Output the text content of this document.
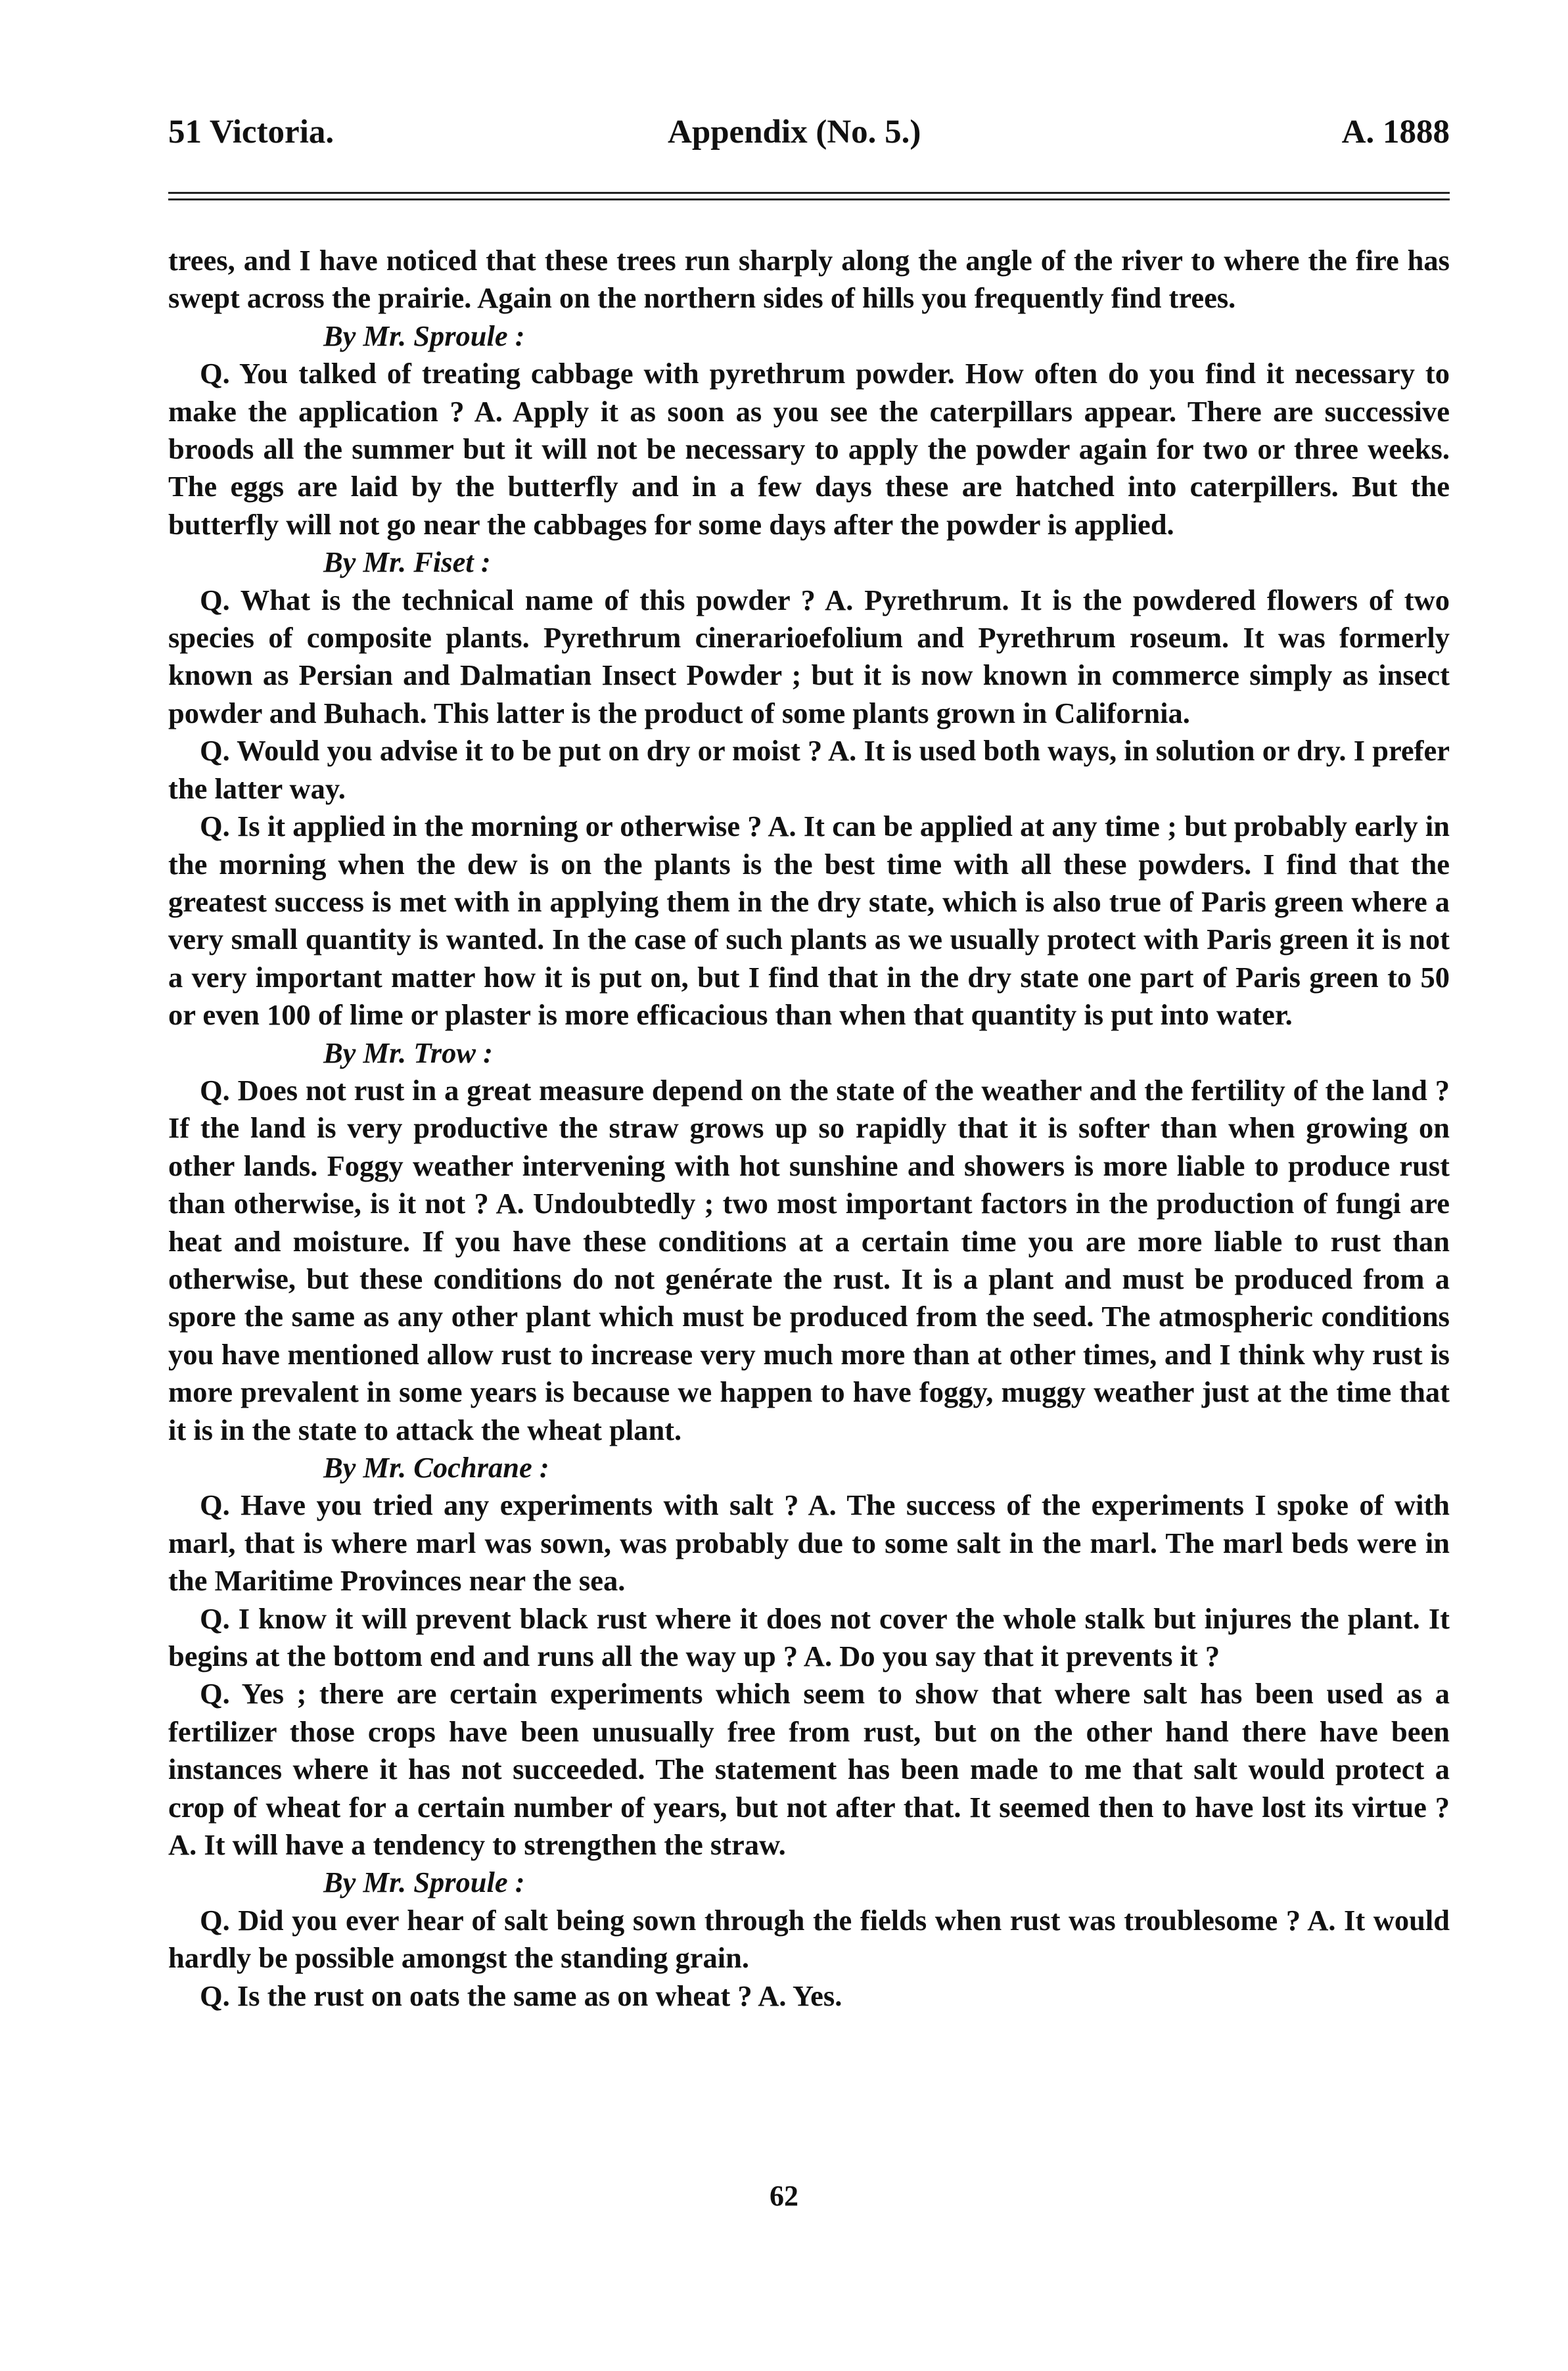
51 Victoria.	Appendix (No. 5.)	A. 1888

trees, and I have noticed that these trees run sharply along the angle of the river to where the fire has swept across the prairie. Again on the northern sides of hills you frequently find trees.

By Mr. Sproule :

Q. You talked of treating cabbage with pyrethrum powder. How often do you find it necessary to make the application ? A. Apply it as soon as you see the caterpillars appear. There are successive broods all the summer but it will not be necessary to apply the powder again for two or three weeks. The eggs are laid by the butterfly and in a few days these are hatched into caterpillers. But the butterfly will not go near the cabbages for some days after the powder is applied.

By Mr. Fiset :

Q. What is the technical name of this powder ? A. Pyrethrum. It is the powdered flowers of two species of composite plants. Pyrethrum cinerarioefolium and Pyrethrum roseum. It was formerly known as Persian and Dalmatian Insect Powder ; but it is now known in commerce simply as insect powder and Buhach. This latter is the product of some plants grown in California.

Q. Would you advise it to be put on dry or moist ? A. It is used both ways, in solution or dry. I prefer the latter way.

Q. Is it applied in the morning or otherwise ? A. It can be applied at any time ; but probably early in the morning when the dew is on the plants is the best time with all these powders. I find that the greatest success is met with in applying them in the dry state, which is also true of Paris green where a very small quantity is wanted. In the case of such plants as we usually protect with Paris green it is not a very important matter how it is put on, but I find that in the dry state one part of Paris green to 50 or even 100 of lime or plaster is more efficacious than when that quantity is put into water.

By Mr. Trow :

Q. Does not rust in a great measure depend on the state of the weather and the fertility of the land ? If the land is very productive the straw grows up so rapidly that it is softer than when growing on other lands. Foggy weather intervening with hot sunshine and showers is more liable to produce rust than otherwise, is it not ? A. Undoubtedly ; two most important factors in the production of fungi are heat and moisture. If you have these conditions at a certain time you are more liable to rust than otherwise, but these conditions do not genérate the rust. It is a plant and must be produced from a spore the same as any other plant which must be produced from the seed. The atmospheric conditions you have mentioned allow rust to increase very much more than at other times, and I think why rust is more prevalent in some years is because we happen to have foggy, muggy weather just at the time that it is in the state to attack the wheat plant.

By Mr. Cochrane :

Q. Have you tried any experiments with salt ? A. The success of the experiments I spoke of with marl, that is where marl was sown, was probably due to some salt in the marl. The marl beds were in the Maritime Provinces near the sea.

Q. I know it will prevent black rust where it does not cover the whole stalk but injures the plant. It begins at the bottom end and runs all the way up ? A. Do you say that it prevents it ?

Q. Yes ; there are certain experiments which seem to show that where salt has been used as a fertilizer those crops have been unusually free from rust, but on the other hand there have been instances where it has not succeeded. The statement has been made to me that salt would protect a crop of wheat for a certain number of years, but not after that. It seemed then to have lost its virtue ? A. It will have a tendency to strengthen the straw.

By Mr. Sproule :

Q. Did you ever hear of salt being sown through the fields when rust was troublesome ? A. It would hardly be possible amongst the standing grain.

Q. Is the rust on oats the same as on wheat ? A. Yes.

62
